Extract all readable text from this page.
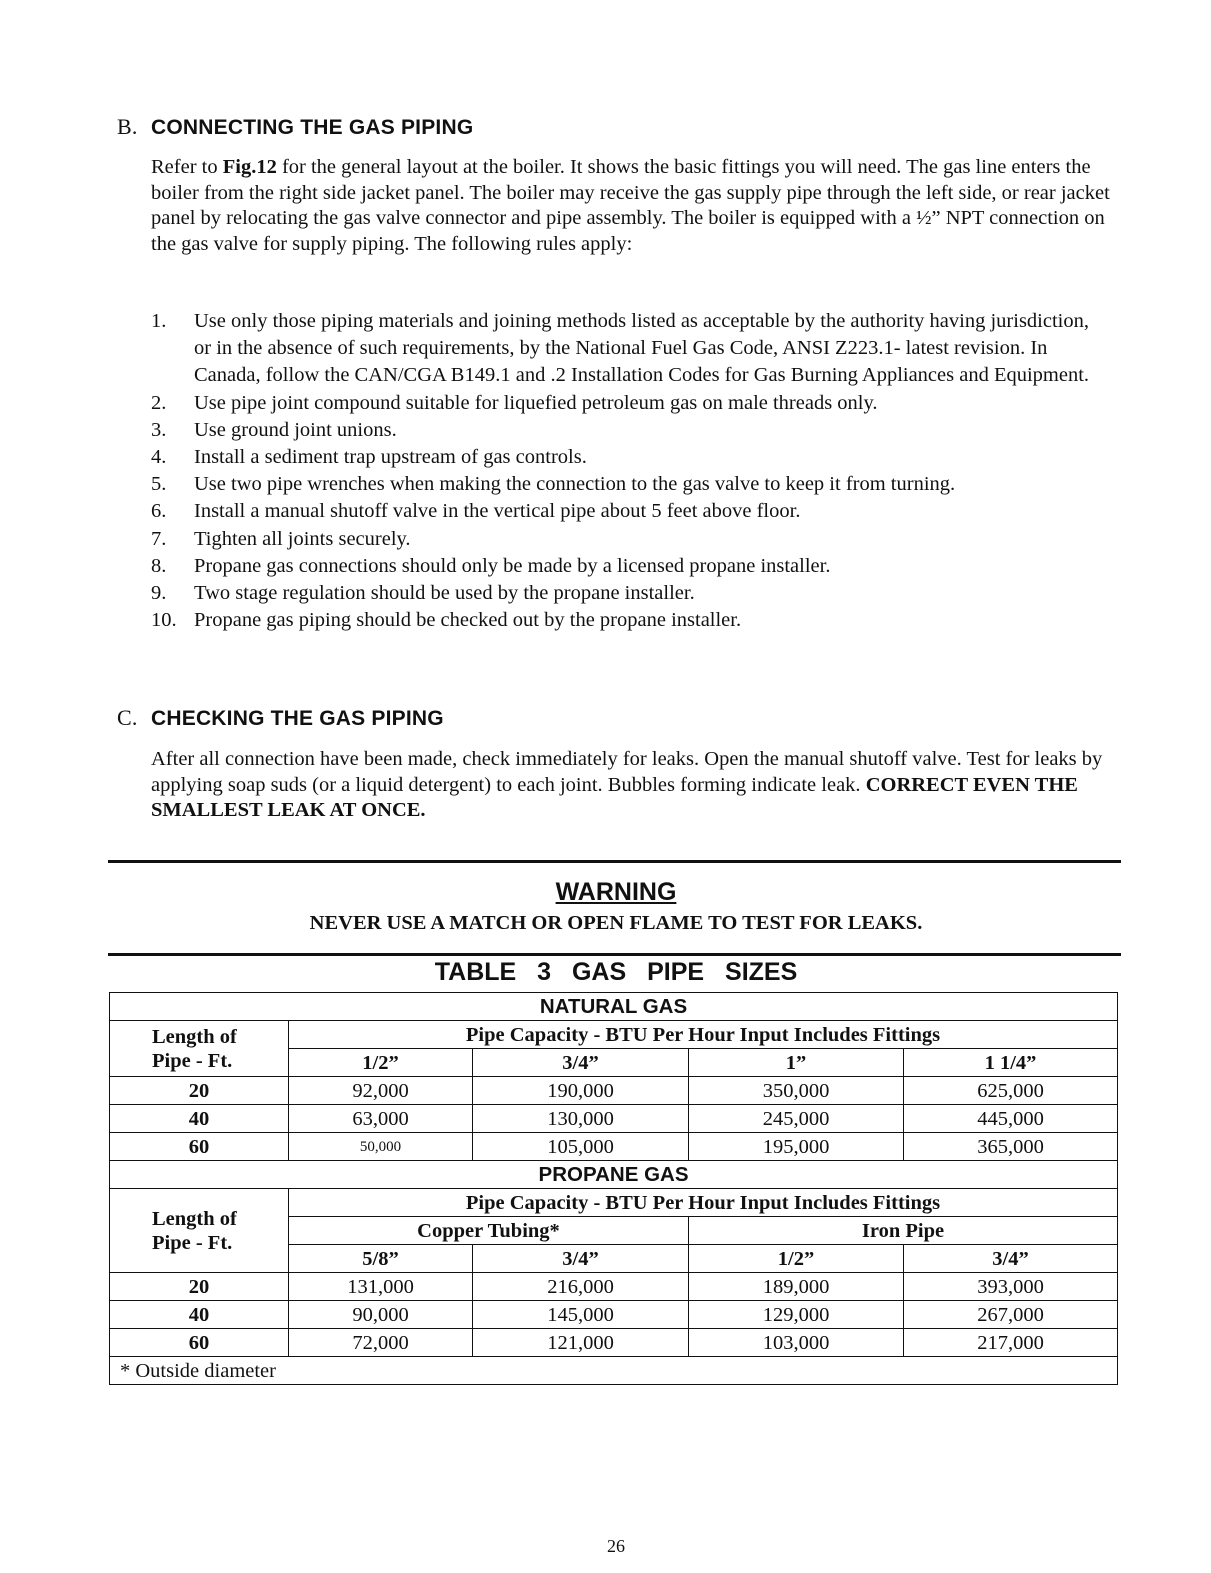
B. CONNECTING THE GAS PIPING
Refer to Fig.12 for the general layout at the boiler. It shows the basic fittings you will need. The gas line enters the boiler from the right side jacket panel. The boiler may receive the gas supply pipe through the left side, or rear jacket panel by relocating the gas valve connector and pipe assembly. The boiler is equipped with a ½” NPT connection on the gas valve for supply piping. The following rules apply:
1. Use only those piping materials and joining methods listed as acceptable by the authority having jurisdiction, or in the absence of such requirements, by the National Fuel Gas Code, ANSI Z223.1- latest revision. In Canada, follow the CAN/CGA B149.1 and .2 Installation Codes for Gas Burning Appliances and Equipment.
2. Use pipe joint compound suitable for liquefied petroleum gas on male threads only.
3. Use ground joint unions.
4. Install a sediment trap upstream of gas controls.
5. Use two pipe wrenches when making the connection to the gas valve to keep it from turning.
6. Install a manual shutoff valve in the vertical pipe about 5 feet above floor.
7. Tighten all joints securely.
8. Propane gas connections should only be made by a licensed propane installer.
9. Two stage regulation should be used by the propane installer.
10. Propane gas piping should be checked out by the propane installer.
C. CHECKING THE GAS PIPING
After all connection have been made, check immediately for leaks. Open the manual shutoff valve. Test for leaks by applying soap suds (or a liquid detergent) to each joint. Bubbles forming indicate leak. CORRECT EVEN THE SMALLEST LEAK AT ONCE.
WARNING
NEVER USE A MATCH OR OPEN FLAME TO TEST FOR LEAKS.
TABLE 3 GAS PIPE SIZES
NATURAL GAS				

Length of
Pipe - Ft.	Pipe Capacity - BTU Per Hour Input Includes Fittings			
	1/2”	3/4”	1”	1 1/4”
20	92,000	190,000	350,000	625,000
40	63,000	130,000	245,000	445,000
60	50,000	105,000	195,000	365,000
PROPANE GAS				

Length of
Pipe - Ft.	Pipe Capacity - BTU Per Hour Input Includes Fittings			
	Copper Tubing*		Iron Pipe	
	5/8”	3/4”	1/2”	3/4”
20	131,000	216,000	189,000	393,000
40	90,000	145,000	129,000	267,000
60	72,000	121,000	103,000	217,000
* Outside diameter				
26
